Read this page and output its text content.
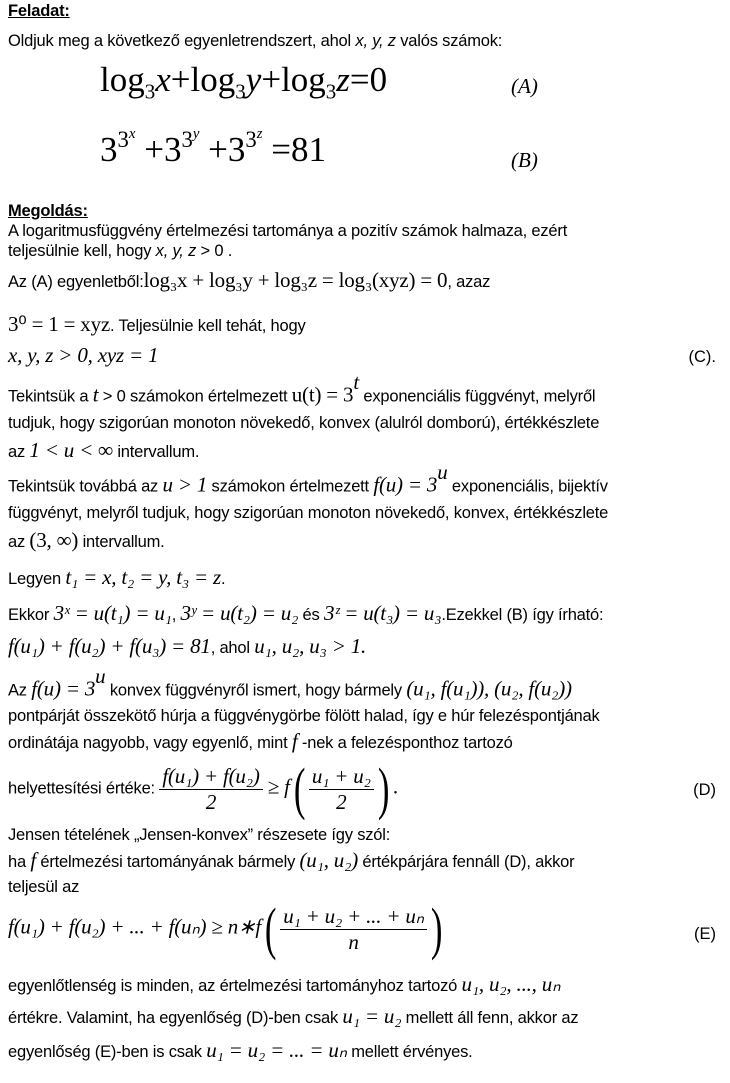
Feladat:
Oldjuk meg a következő egyenletrendszert, ahol x, y, z valós számok:
$\log_3x+\log_3y+\log_3z=0$	(A)
$3^{3^x} +3^{3^y} +3^{3^z} =81$	(B)
Megoldás:
A logaritmusfüggvény értelmezési tartománya a pozitív számok halmaza, ezért
teljesülnie kell, hogy x, y, z > 0 .
Az (A) egyenletből:log₃x + log₃y + log₃z = log₃(xyz) = 0, azaz
3⁰ = 1 = xyz. Teljesülnie kell tehát, hogy
x, y, z > 0, xyz = 1	(C).
Tekintsük a t > 0 számokon értelmezett $u(t) = 3^t$ exponenciális függvényt, melyről
tudjuk, hogy szigorúan monoton növekedő, konvex (alulról domború), értékkészlete
az 1 < u < ∞ intervallum.
Tekintsük továbbá az u > 1 számokon értelmezett $f(u) = 3^u$ exponenciális, bijektív
függvényt, melyről tudjuk, hogy szigorúan monoton növekedő, konvex, értékkészlete
az (3, ∞) intervallum.
Legyen t₁ = x, t₂ = y, t₃ = z.
Ekkor 3ˣ = u(t₁) = u₁, 3ʸ = u(t₂) = u₂ és 3ᶻ = u(t₃) = u₃.Ezekkel (B) így írható:
f(u₁) + f(u₂) + f(u₃) = 81, ahol u₁, u₂, u₃ > 1.
Az $f(u) = 3^u$ konvex függvényről ismert, hogy bármely (u₁, f(u₁)), (u₂, f(u₂))
pontpárját összekötő húrja a függvénygörbe fölött halad, így e húr felezéspontjának
ordinátája nagyobb, vagy egyenlő, mint f -nek a felezésponthoz tartozó
helyettesítési értéke: $\frac{\text{f(u₁) + f(u₂)}}{2} \ge f( \frac{\text{u₁ + u₂}}{2}$ ) .	(D)
Jensen tételének „Jensen-konvex” részesete így szól:
ha f értelmezési tartományának bármely (u₁, u₂) értékpárjára fennáll (D), akkor
teljesül az
f(u₁) + f(u₂) + ... + f(uₙ) ≥ n∗f( $\frac{\text{u₁ + u₂ + ... + uₙ}}{n}$ )	(E)
egyenlőtlenség is minden, az értelmezési tartományhoz tartozó u₁, u₂, ..., uₙ
értékre. Valamint, ha egyenlőség (D)-ben csak u₁ = u₂ mellett áll fenn, akkor az
egyenlőség (E)-ben is csak u₁ = u₂ = ... = uₙ mellett érvényes.
